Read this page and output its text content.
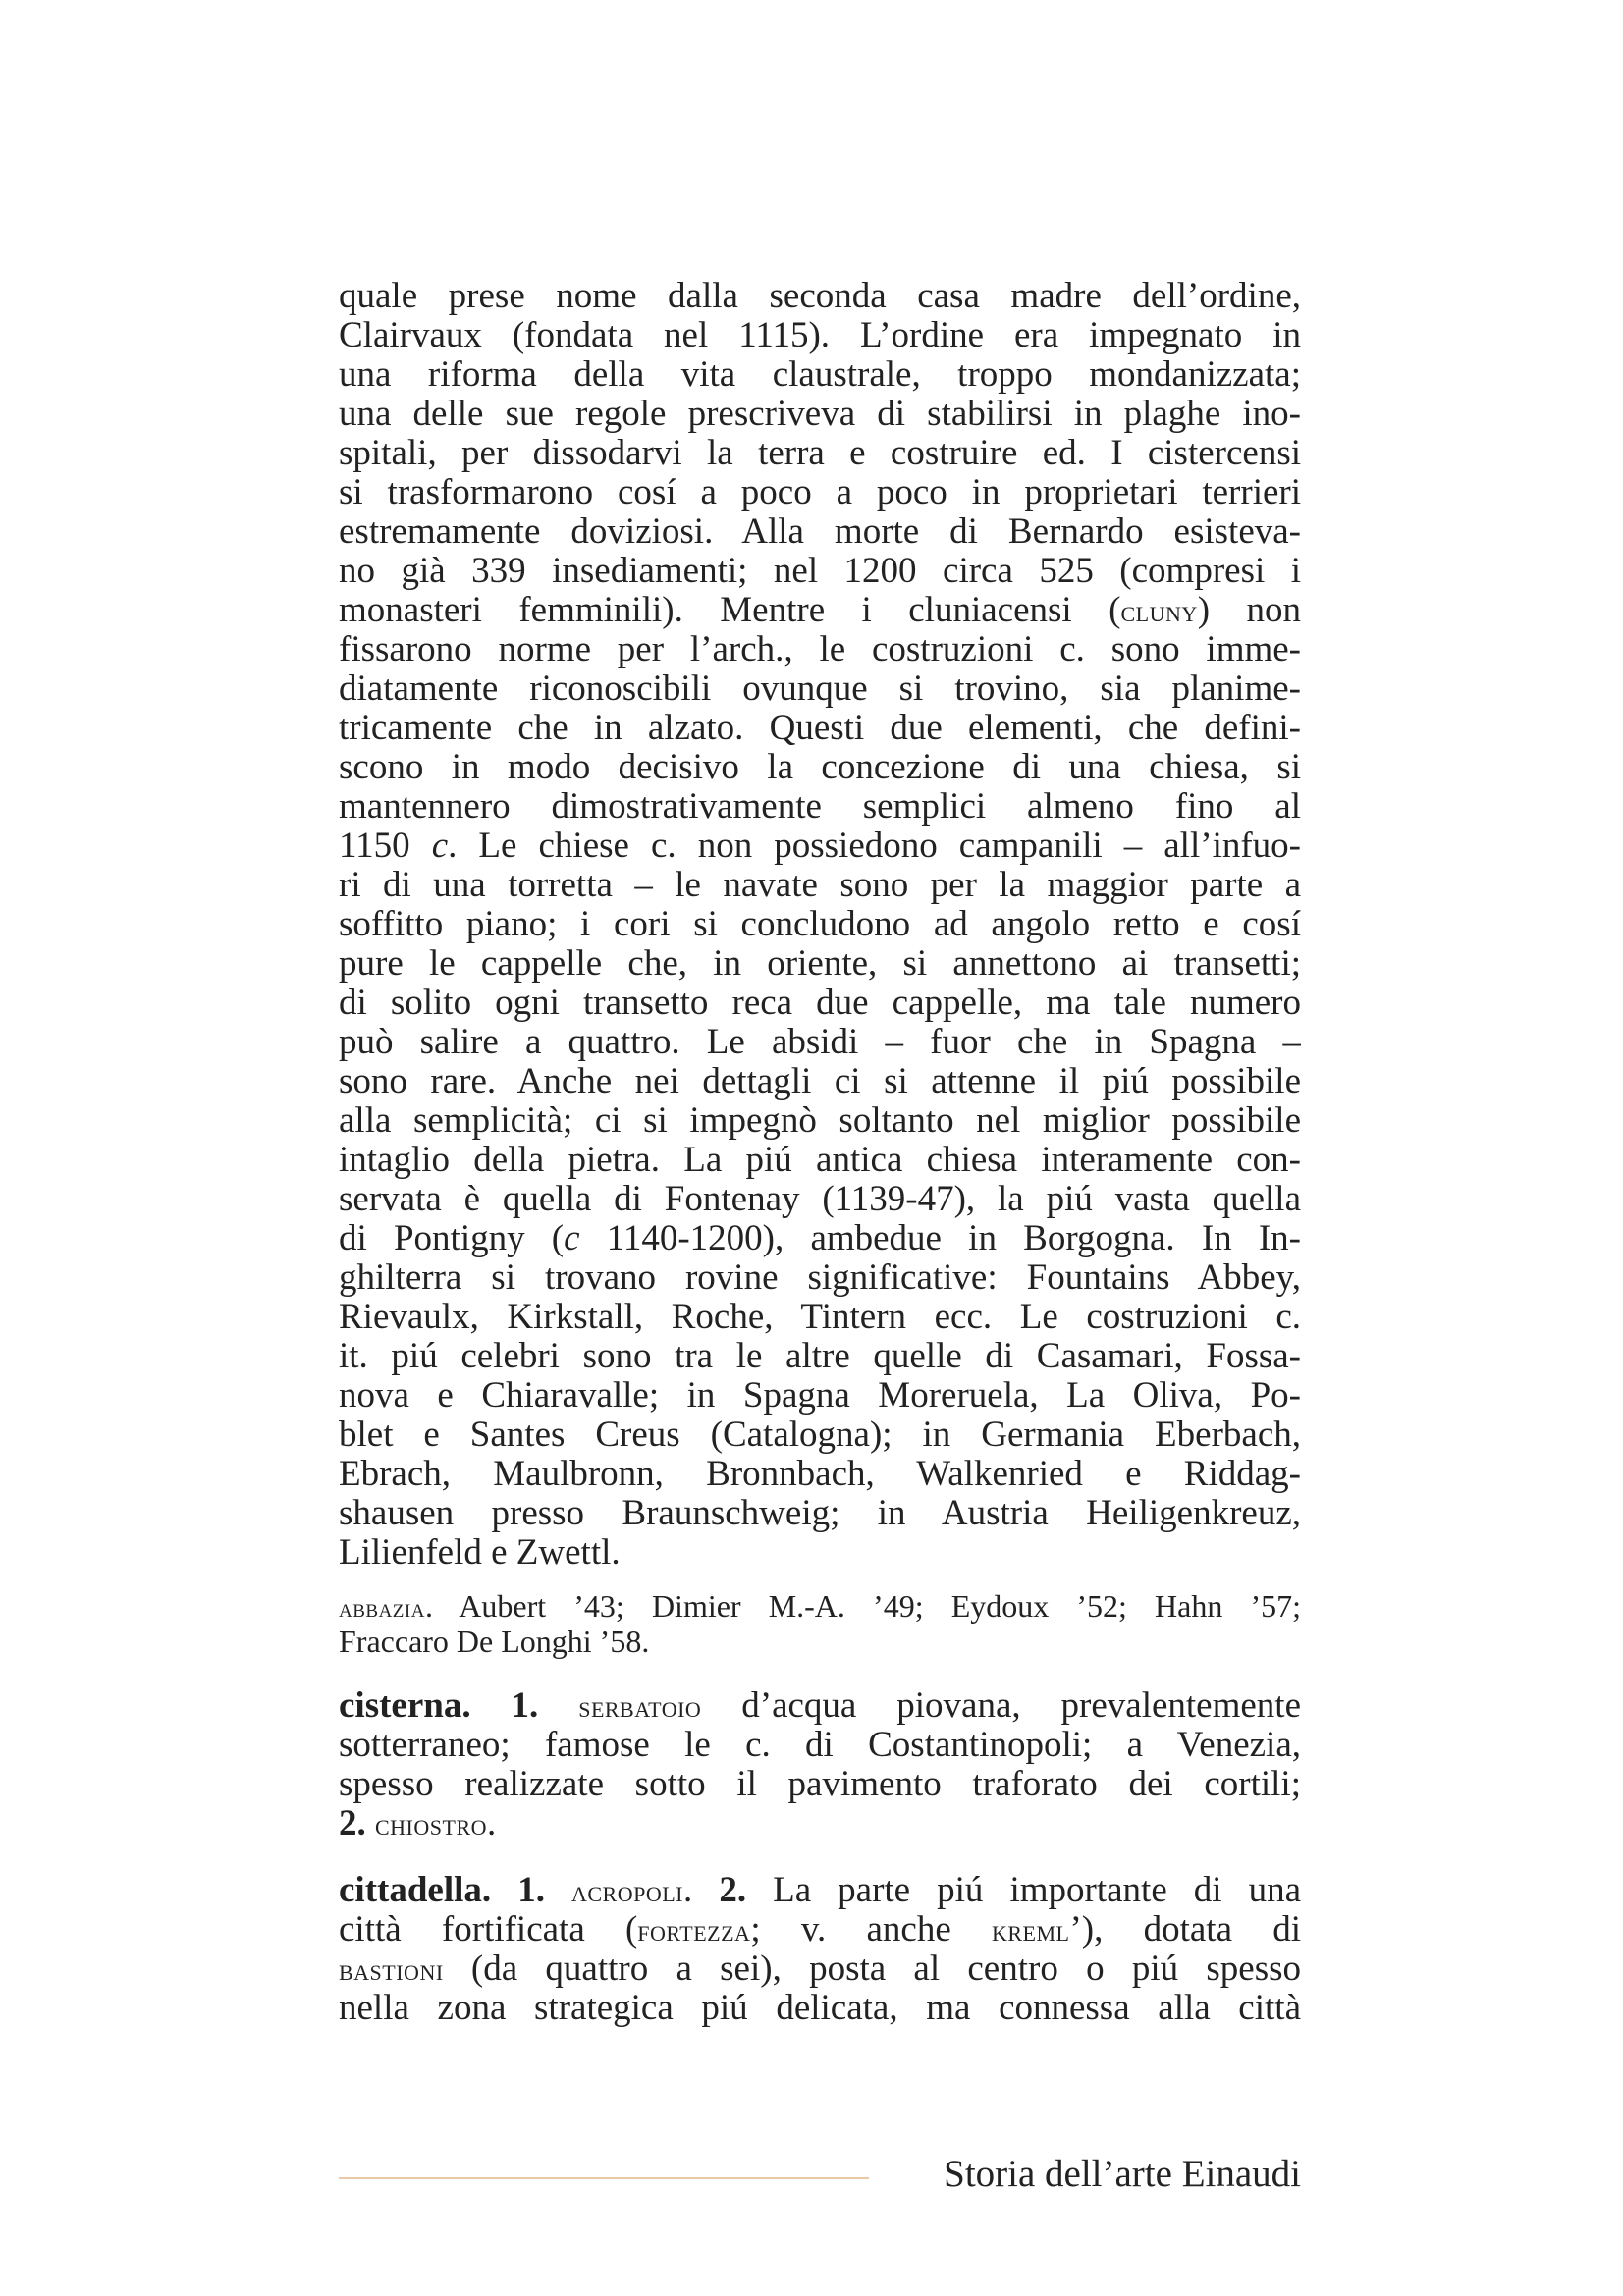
quale prese nome dalla seconda casa madre dell’ordine,
Clairvaux (fondata nel 1115). L’ordine era impegnato in
una riforma della vita claustrale, troppo mondanizzata;
una delle sue regole prescriveva di stabilirsi in plaghe ino-
spitali, per dissodarvi la terra e costruire ed. I cistercensi
si trasformarono cosí a poco a poco in proprietari terrieri
estremamente doviziosi. Alla morte di Bernardo esisteva-
no già 339 insediamenti; nel 1200 circa 525 (compresi i
monasteri femminili). Mentre i cluniacensi (cluny) non
fissarono norme per l’arch., le costruzioni c. sono imme-
diatamente riconoscibili ovunque si trovino, sia planime-
tricamente che in alzato. Questi due elementi, che defini-
scono in modo decisivo la concezione di una chiesa, si
mantennero dimostrativamente semplici almeno fino al
1150 c. Le chiese c. non possiedono campanili – all’infuo-
ri di una torretta – le navate sono per la maggior parte a
soffitto piano; i cori si concludono ad angolo retto e cosí
pure le cappelle che, in oriente, si annettono ai transetti;
di solito ogni transetto reca due cappelle, ma tale numero
può salire a quattro. Le absidi – fuor che in Spagna –
sono rare. Anche nei dettagli ci si attenne il piú possibile
alla semplicità; ci si impegnò soltanto nel miglior possibile
intaglio della pietra. La piú antica chiesa interamente con-
servata è quella di Fontenay (1139-47), la piú vasta quella
di Pontigny (c 1140-1200), ambedue in Borgogna. In In-
ghilterra si trovano rovine significative: Fountains Abbey,
Rievaulx, Kirkstall, Roche, Tintern ecc. Le costruzioni c.
it. piú celebri sono tra le altre quelle di Casamari, Fossa-
nova e Chiaravalle; in Spagna Moreruela, La Oliva, Po-
blet e Santes Creus (Catalogna); in Germania Eberbach,
Ebrach, Maulbronn, Bronnbach, Walkenried e Riddag-
shausen presso Braunschweig; in Austria Heiligenkreuz,
Lilienfeld e Zwettl.
abbazia. Aubert ’43; Dimier M.-A. ’49; Eydoux ’52; Hahn ’57;
Fraccaro De Longhi ’58.
cisterna. 1. serbatoio d’acqua piovana, prevalentemente
sotterraneo; famose le c. di Costantinopoli; a Venezia,
spesso realizzate sotto il pavimento traforato dei cortili;
2. chiostro.
cittadella. 1. acropoli. 2. La parte piú importante di una
città fortificata (fortezza; v. anche kreml’), dotata di
bastioni (da quattro a sei), posta al centro o piú spesso
nella zona strategica piú delicata, ma connessa alla città
Storia dell’arte Einaudi
